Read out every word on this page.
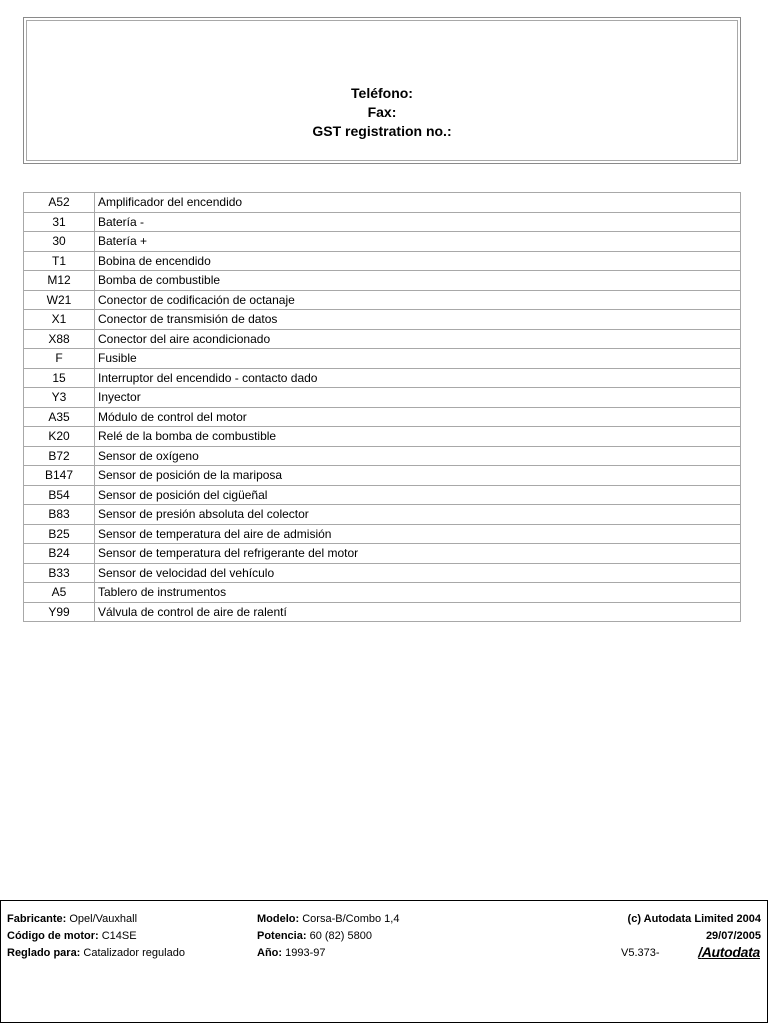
Teléfono:
Fax:
GST registration no.:
A52	Amplificador del encendido
31	Batería -
30	Batería +
T1	Bobina de encendido
M12	Bomba de combustible
W21	Conector de codificación de octanaje
X1	Conector de transmisión de datos
X88	Conector del aire acondicionado
F	Fusible
15	Interruptor del encendido - contacto dado
Y3	Inyector
A35	Módulo de control del motor
K20	Relé de la bomba de combustible
B72	Sensor de oxígeno
B147	Sensor de posición de la mariposa
B54	Sensor de posición del cigüeñal
B83	Sensor de presión absoluta del colector
B25	Sensor de temperatura del aire de admisión
B24	Sensor de temperatura del refrigerante del motor
B33	Sensor de velocidad del vehículo
A5	Tablero de instrumentos
Y99	Válvula de control de aire de ralentí
Fabricante: Opel/Vauxhall
Código de motor: C14SE
Reglado para: Catalizador regulado
Modelo: Corsa-B/Combo 1,4
Potencia: 60 (82) 5800
Año: 1993-97
(c) Autodata Limited 2004
29/07/2005
V5.373-	/Autodata
